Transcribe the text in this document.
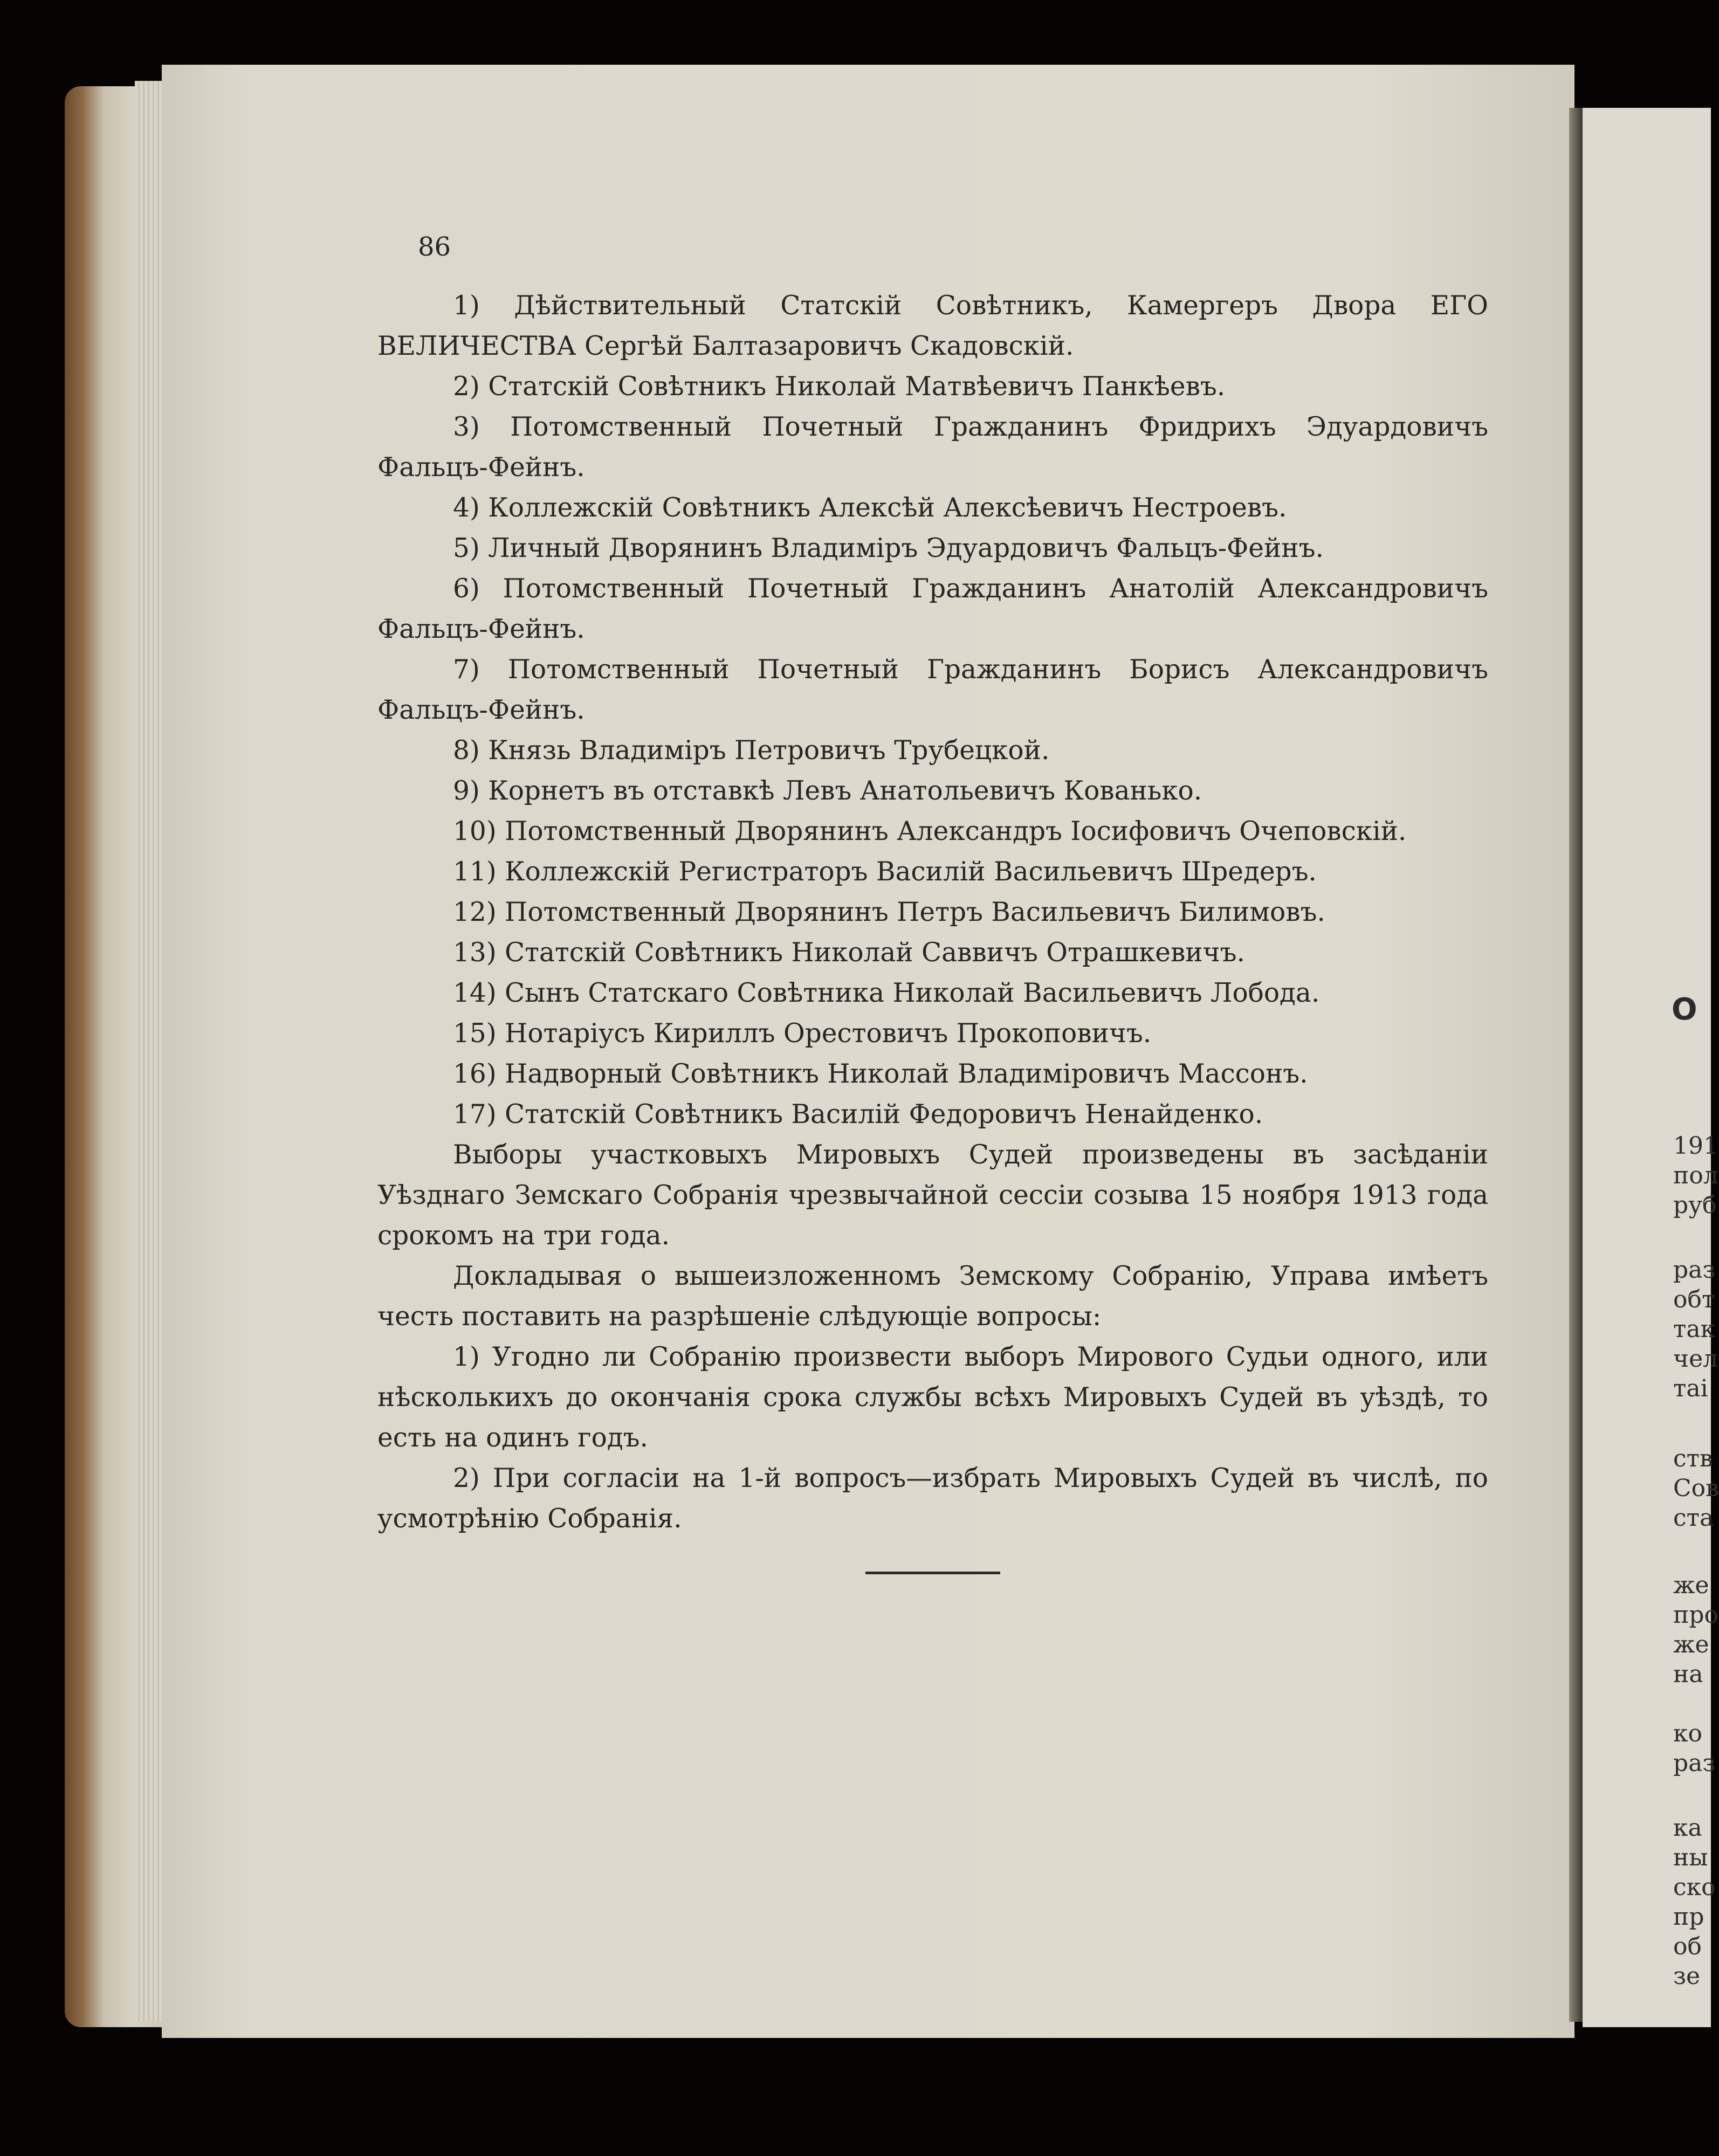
О
191
пол
руб
раз
обт
так
чел
таі
ств
Сов
ста
же
про
же
на
ко
раз
ка
ны
ско
пр
об
зе
86
1) Дѣйствительный Статскій Совѣтникъ, Камергеръ Двора ЕГО ВЕЛИЧЕСТВА Сергѣй Балтазаровичъ Скадовскій.
2) Статскій Совѣтникъ Николай Матвѣевичъ Панкѣевъ.
3) Потомственный Почетный Гражданинъ Фридрихъ Эдуардовичъ Фальцъ-Фейнъ.
4) Коллежскій Совѣтникъ Алексѣй Алексѣевичъ Нестроевъ.
5) Личный Дворянинъ Владиміръ Эдуардовичъ Фальцъ-Фейнъ.
6) Потомственный Почетный Гражданинъ Анатолій Александровичъ Фальцъ-Фейнъ.
7) Потомственный Почетный Гражданинъ Борисъ Александровичъ Фальцъ-Фейнъ.
8) Князь Владиміръ Петровичъ Трубецкой.
9) Корнетъ въ отставкѣ Левъ Анатольевичъ Кованько.
10) Потомственный Дворянинъ Александръ Іосифовичъ Очеповскій.
11) Коллежскій Регистраторъ Василій Васильевичъ Шредеръ.
12) Потомственный Дворянинъ Петръ Васильевичъ Билимовъ.
13) Статскій Совѣтникъ Николай Саввичъ Отрашкевичъ.
14) Сынъ Статскаго Совѣтника Николай Васильевичъ Лобода.
15) Нотаріусъ Кириллъ Орестовичъ Прокоповичъ.
16) Надворный Совѣтникъ Николай Владиміровичъ Массонъ.
17) Статскій Совѣтникъ Василій Федоровичъ Ненайденко.
Выборы участковыхъ Мировыхъ Судей произведены въ засѣданіи Уѣзднаго Земскаго Собранія чрезвычайной сессіи созыва 15 ноября 1913 года срокомъ на три года.
Докладывая о вышеизложенномъ Земскому Собранію, Управа имѣетъ честь поставить на разрѣшеніе слѣдующіе вопросы:
1) Угодно ли Собранію произвести выборъ Мирового Судьи одного, или нѣсколькихъ до окончанія срока службы всѣхъ Мировыхъ Судей въ уѣздѣ, то есть на одинъ годъ.
2) При согласіи на 1-й вопросъ—избрать Мировыхъ Судей въ числѣ, по усмотрѣнію Собранія.
